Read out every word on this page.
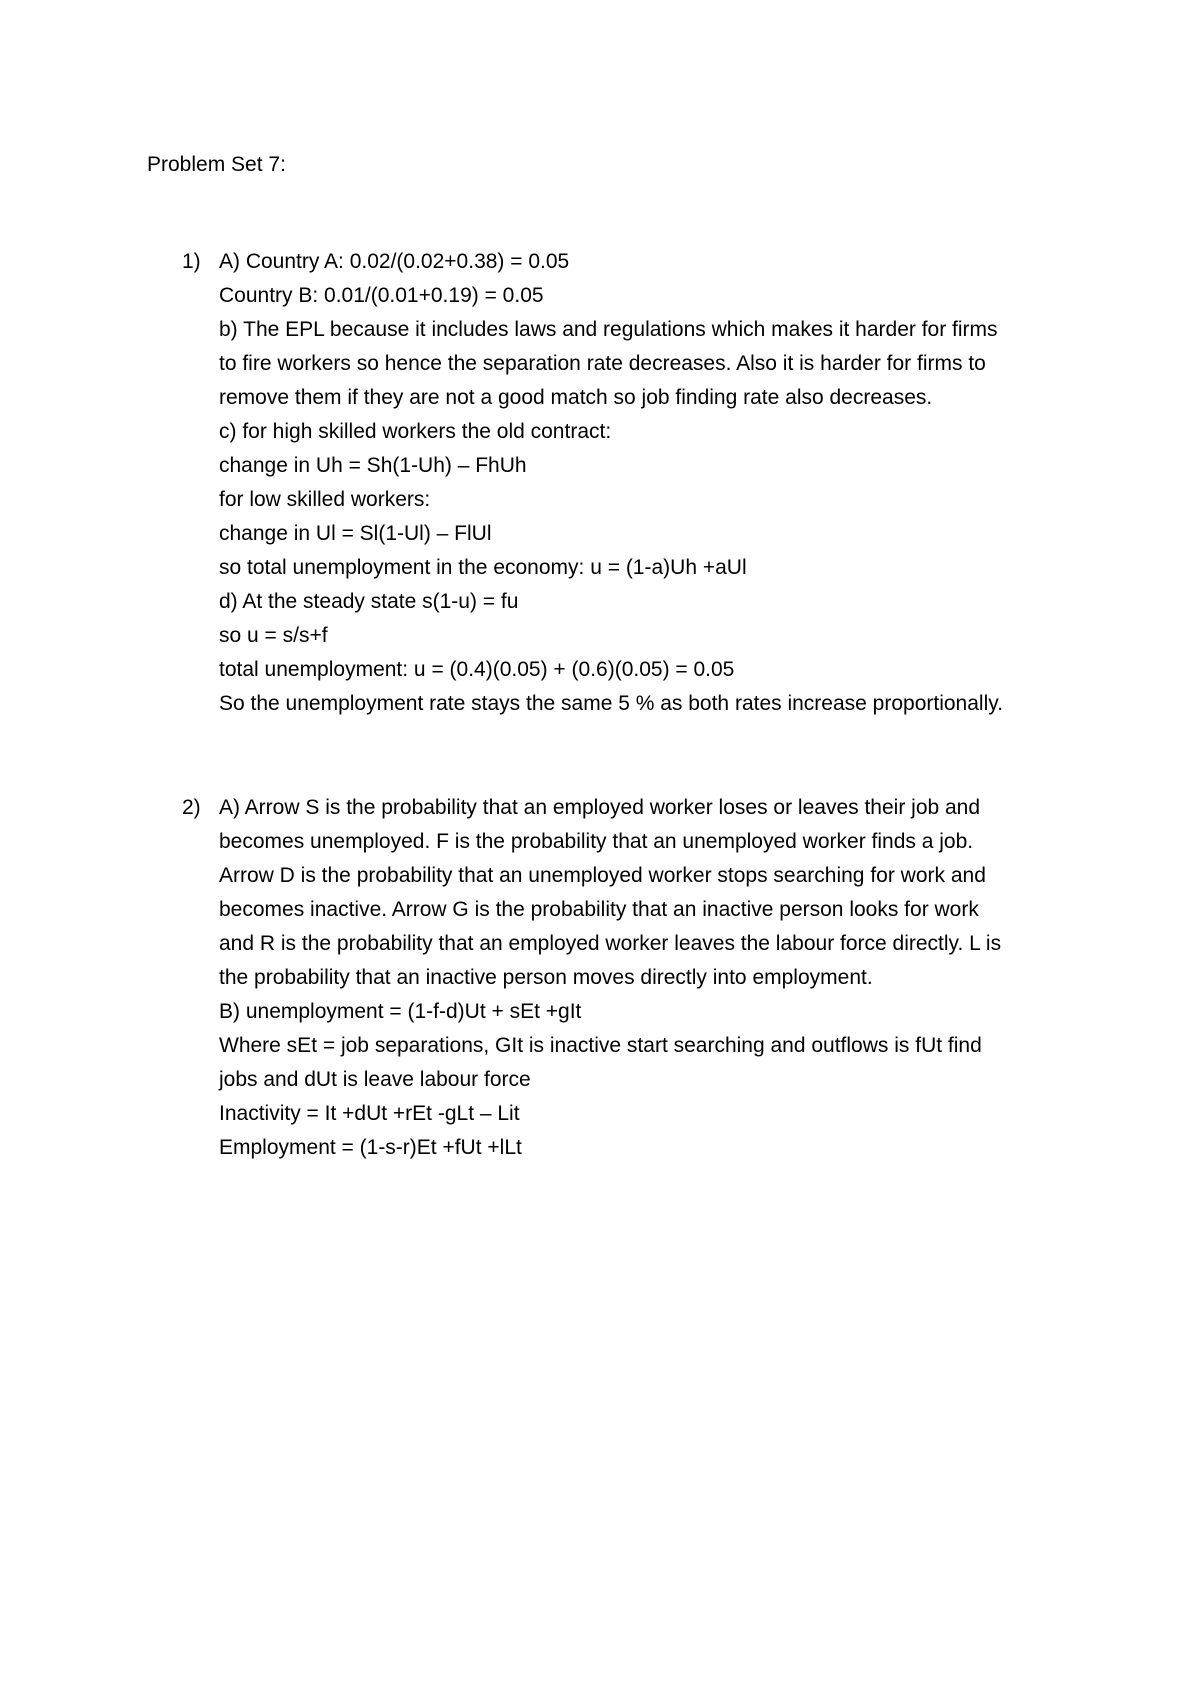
Problem Set 7:
1) A) Country A: 0.02/(0.02+0.38) = 0.05
Country B: 0.01/(0.01+0.19) = 0.05
b) The EPL because it includes laws and regulations which makes it harder for firms
to fire workers so hence the separation rate decreases. Also it is harder for firms to
remove them if they are not a good match so job finding rate also decreases.
c) for high skilled workers the old contract:
change in Uh = Sh(1-Uh) – FhUh
for low skilled workers:
change in Ul = Sl(1-Ul) – FlUl
so total unemployment in the economy: u = (1-a)Uh +aUl
d) At the steady state s(1-u) = fu
so u = s/s+f
total unemployment: u = (0.4)(0.05) + (0.6)(0.05) = 0.05
So the unemployment rate stays the same 5 % as both rates increase proportionally.
2) A) Arrow S is the probability that an employed worker loses or leaves their job and
becomes unemployed. F is the probability that an unemployed worker finds a job.
Arrow D is the probability that an unemployed worker stops searching for work and
becomes inactive. Arrow G is the probability that an inactive person looks for work
and R is the probability that an employed worker leaves the labour force directly. L is
the probability that an inactive person moves directly into employment.
B) unemployment = (1-f-d)Ut + sEt +gIt
Where sEt = job separations, GIt is inactive start searching and outflows is fUt find
jobs and dUt is leave labour force
Inactivity = It +dUt +rEt -gLt – Lit
Employment = (1-s-r)Et +fUt +lLt
